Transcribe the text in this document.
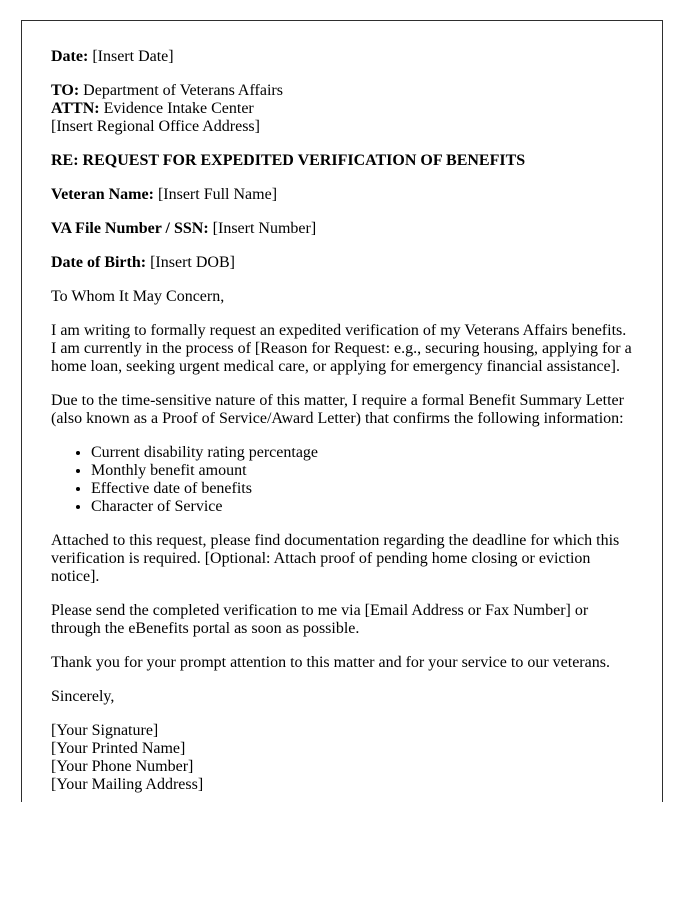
Date: [Insert Date]

TO: Department of Veterans Affairs
ATTN: Evidence Intake Center
[Insert Regional Office Address]

RE: REQUEST FOR EXPEDITED VERIFICATION OF BENEFITS

Veteran Name: [Insert Full Name]

VA File Number / SSN: [Insert Number]

Date of Birth: [Insert DOB]

To Whom It May Concern,

I am writing to formally request an expedited verification of my Veterans Affairs benefits.
I am currently in the process of [Reason for Request: e.g., securing housing, applying for a
home loan, seeking urgent medical care, or applying for emergency financial assistance].

Due to the time-sensitive nature of this matter, I require a formal Benefit Summary Letter
(also known as a Proof of Service/Award Letter) that confirms the following information:

• Current disability rating percentage
• Monthly benefit amount
• Effective date of benefits
• Character of Service

Attached to this request, please find documentation regarding the deadline for which this
verification is required. [Optional: Attach proof of pending home closing or eviction
notice].

Please send the completed verification to me via [Email Address or Fax Number] or
through the eBenefits portal as soon as possible.

Thank you for your prompt attention to this matter and for your service to our veterans.

Sincerely,

[Your Signature]
[Your Printed Name]
[Your Phone Number]
[Your Mailing Address]
